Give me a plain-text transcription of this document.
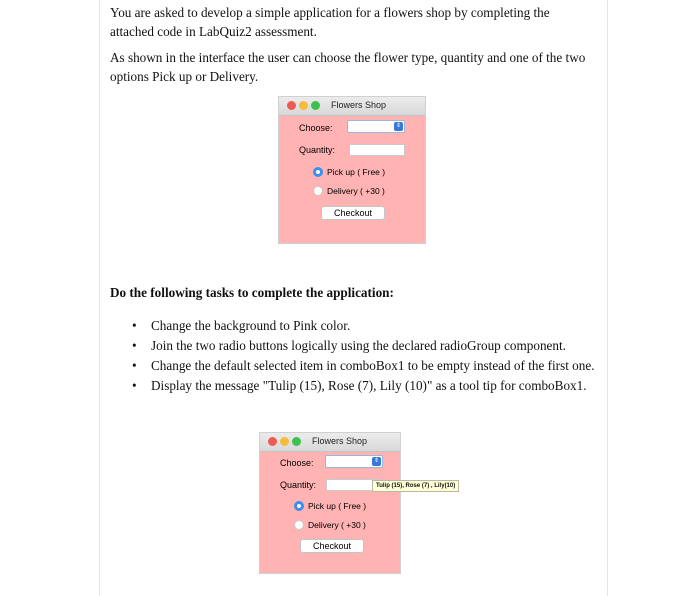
You are asked to develop a simple application for a flowers shop by completing the attached code in LabQuiz2 assessment.
As shown in the interface the user can choose the flower type, quantity and one of the two options Pick up or Delivery.
Flowers Shop
Choose:	⇕
Quantity:
Pick up ( Free )
Delivery ( +30 )
Checkout
Do the following tasks to complete the application:
• Change the background to Pink color.
• Join the two radio buttons logically using the declared radioGroup component.
• Change the default selected item in comboBox1 to be empty instead of the first one.
• Display the message "Tulip (15), Rose (7), Lily (10)" as a tool tip for comboBox1.
Flowers Shop
Choose:	⇕
Quantity:
Pick up ( Free )
Delivery ( +30 )
Checkout
Tulip (15), Rose (7) , Lily(10)
